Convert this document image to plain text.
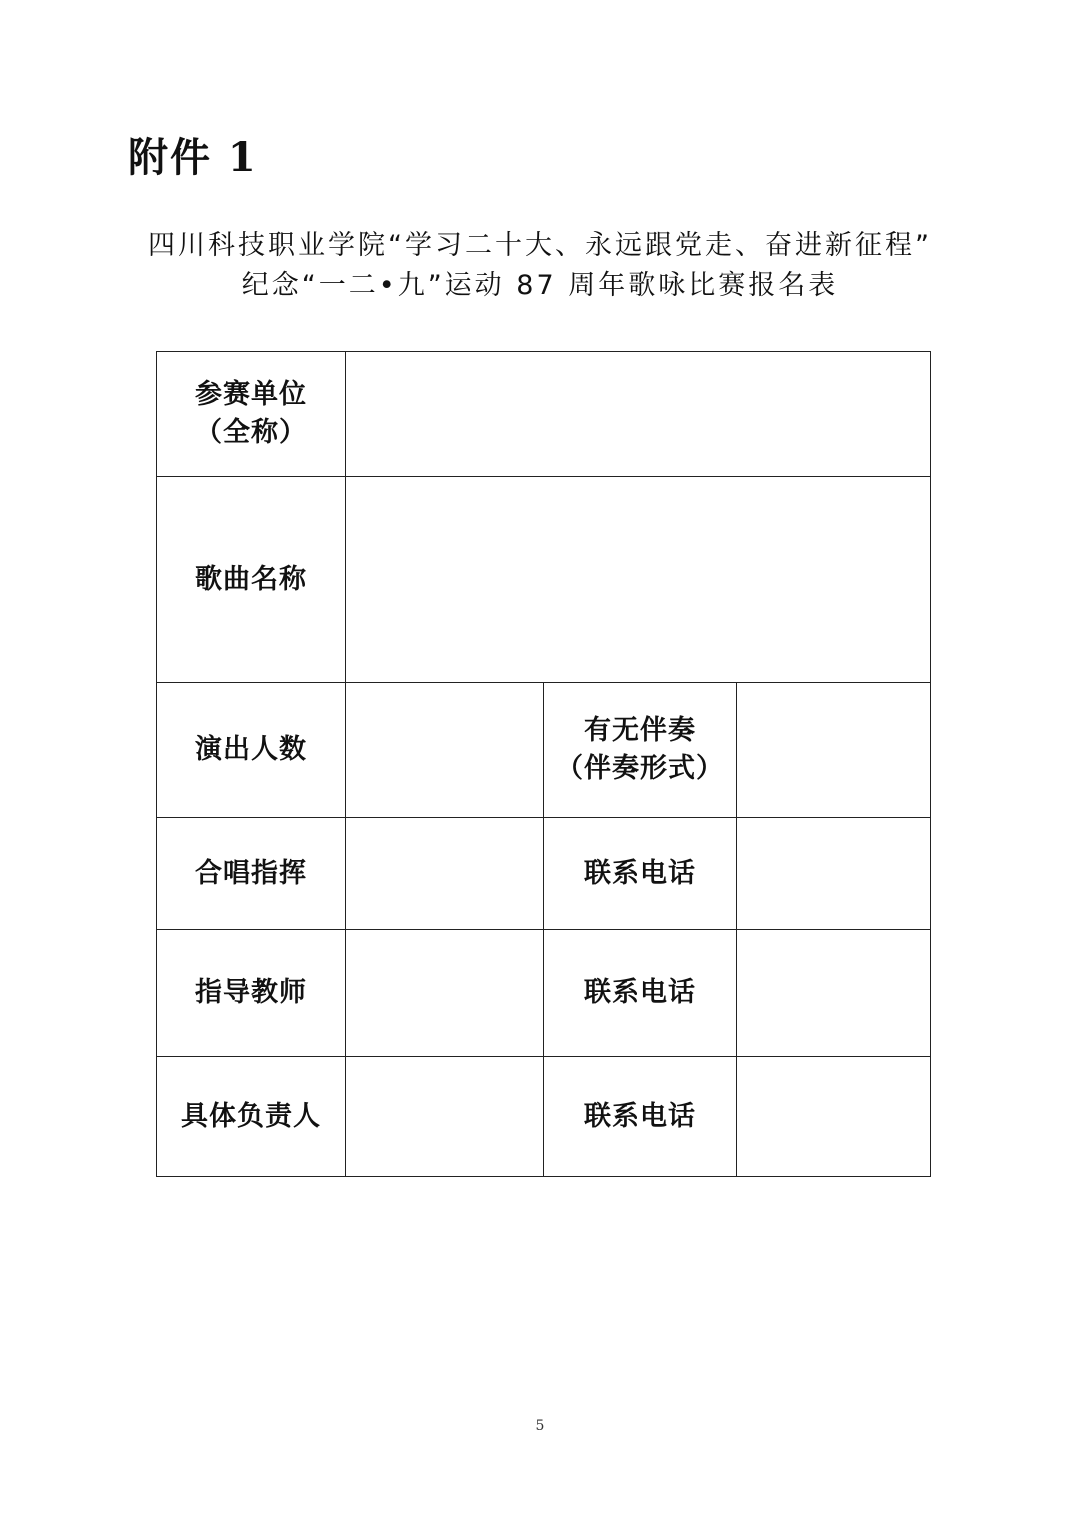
附件 1
四川科技职业学院“学习二十大、永远跟党走、奋进新征程”
纪念“一二•九”运动 87 周年歌咏比赛报名表
参赛单位
（全称）			

歌曲名称			
演出人数		有无伴奏
（伴奏形式）	

合唱指挥		联系电话	
指导教师		联系电话	
具体负责人		联系电话	
5
